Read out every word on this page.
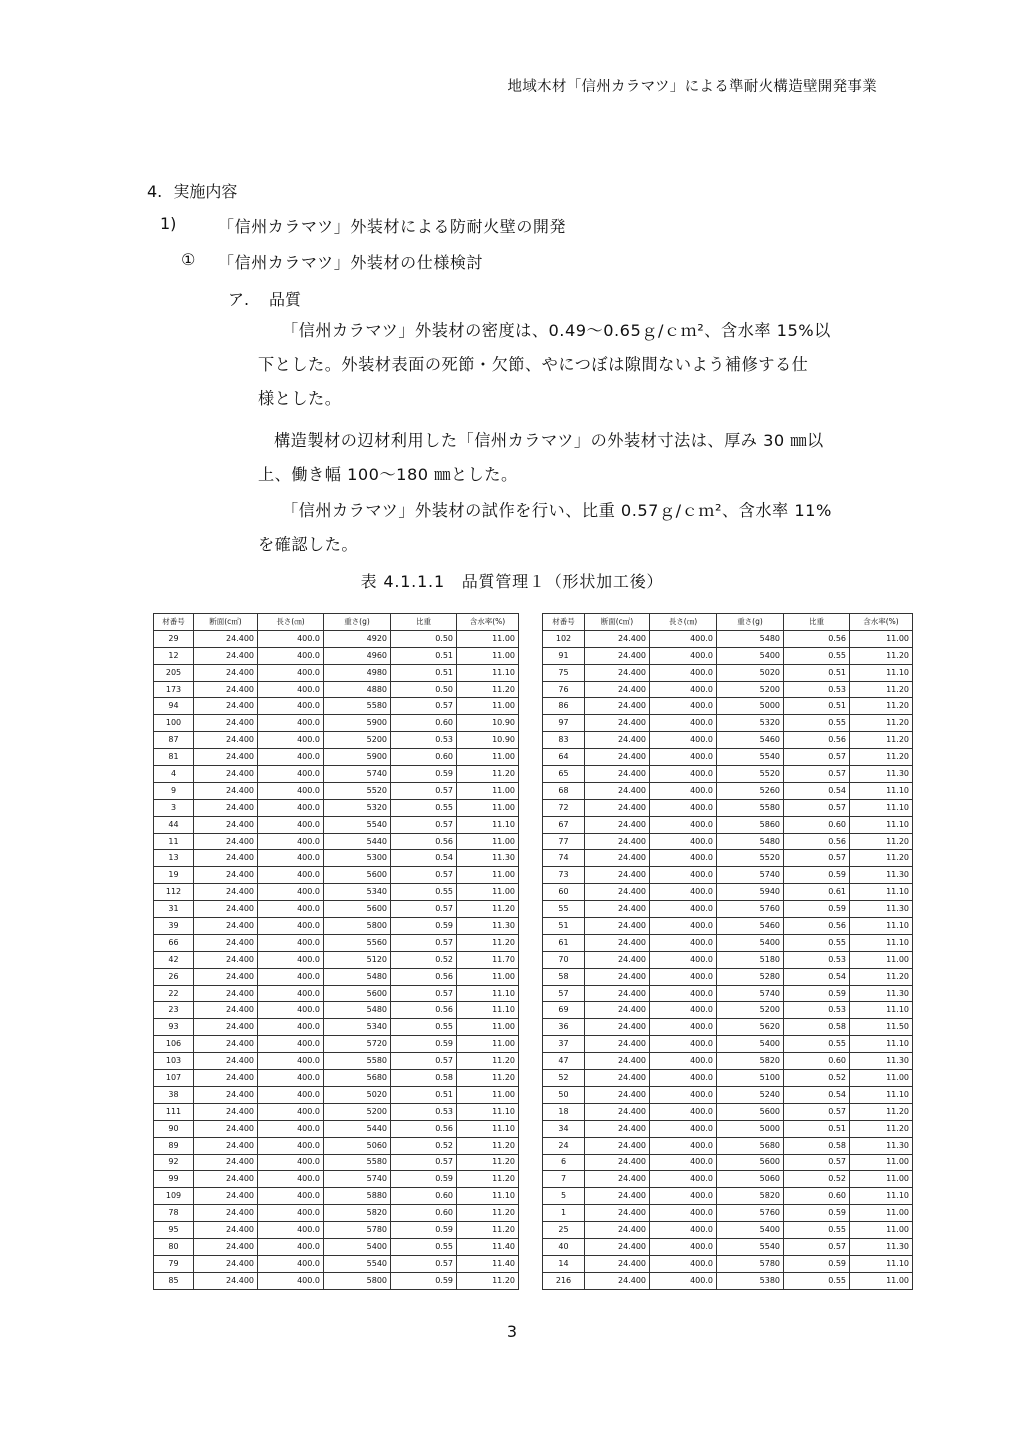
地域木材「信州カラマツ」による準耐火構造壁開発事業
4. 実施内容
1)	「信州カラマツ」外装材による防耐火壁の開発
① 「信州カラマツ」外装材の仕様検討
ア. 品質
「信州カラマツ」外装材の密度は、0.49～0.65ｇ/ｃｍ²、含水率 15%以
下とした。外装材表面の死節・欠節、やにつぼは隙間ないよう補修する仕
様とした。
構造製材の辺材利用した「信州カラマツ」の外装材寸法は、厚み 30 ㎜以
上、働き幅 100～180 ㎜とした。
「信州カラマツ」外装材の試作を行い、比重 0.57ｇ/ｃｍ²、含水率 11%
を確認した。
表 4.1.1.1　品質管理１（形状加工後）
材番号	断面(c㎡)	長さ(㎝)	重さ(g)	比重	含水率(%)
29	24.400	400.0	4920	0.50	11.00
12	24.400	400.0	4960	0.51	11.00
205	24.400	400.0	4980	0.51	11.10
173	24.400	400.0	4880	0.50	11.20
94	24.400	400.0	5580	0.57	11.00
100	24.400	400.0	5900	0.60	10.90
87	24.400	400.0	5200	0.53	10.90
81	24.400	400.0	5900	0.60	11.00
4	24.400	400.0	5740	0.59	11.20
9	24.400	400.0	5520	0.57	11.00
3	24.400	400.0	5320	0.55	11.00
44	24.400	400.0	5540	0.57	11.10
11	24.400	400.0	5440	0.56	11.00
13	24.400	400.0	5300	0.54	11.30
19	24.400	400.0	5600	0.57	11.00
112	24.400	400.0	5340	0.55	11.00
31	24.400	400.0	5600	0.57	11.20
39	24.400	400.0	5800	0.59	11.30
66	24.400	400.0	5560	0.57	11.20
42	24.400	400.0	5120	0.52	11.70
26	24.400	400.0	5480	0.56	11.00
22	24.400	400.0	5600	0.57	11.10
23	24.400	400.0	5480	0.56	11.10
93	24.400	400.0	5340	0.55	11.00
106	24.400	400.0	5720	0.59	11.00
103	24.400	400.0	5580	0.57	11.20
107	24.400	400.0	5680	0.58	11.20
38	24.400	400.0	5020	0.51	11.00
111	24.400	400.0	5200	0.53	11.10
90	24.400	400.0	5440	0.56	11.10
89	24.400	400.0	5060	0.52	11.20
92	24.400	400.0	5580	0.57	11.20
99	24.400	400.0	5740	0.59	11.20
109	24.400	400.0	5880	0.60	11.10
78	24.400	400.0	5820	0.60	11.20
95	24.400	400.0	5780	0.59	11.20
80	24.400	400.0	5400	0.55	11.40
79	24.400	400.0	5540	0.57	11.40
85	24.400	400.0	5800	0.59	11.20
材番号	断面(c㎡)	長さ(㎝)	重さ(g)	比重	含水率(%)
102	24.400	400.0	5480	0.56	11.00
91	24.400	400.0	5400	0.55	11.20
75	24.400	400.0	5020	0.51	11.10
76	24.400	400.0	5200	0.53	11.20
86	24.400	400.0	5000	0.51	11.20
97	24.400	400.0	5320	0.55	11.20
83	24.400	400.0	5460	0.56	11.20
64	24.400	400.0	5540	0.57	11.20
65	24.400	400.0	5520	0.57	11.30
68	24.400	400.0	5260	0.54	11.10
72	24.400	400.0	5580	0.57	11.10
67	24.400	400.0	5860	0.60	11.10
77	24.400	400.0	5480	0.56	11.20
74	24.400	400.0	5520	0.57	11.20
73	24.400	400.0	5740	0.59	11.30
60	24.400	400.0	5940	0.61	11.10
55	24.400	400.0	5760	0.59	11.30
51	24.400	400.0	5460	0.56	11.10
61	24.400	400.0	5400	0.55	11.10
70	24.400	400.0	5180	0.53	11.00
58	24.400	400.0	5280	0.54	11.20
57	24.400	400.0	5740	0.59	11.30
69	24.400	400.0	5200	0.53	11.10
36	24.400	400.0	5620	0.58	11.50
37	24.400	400.0	5400	0.55	11.10
47	24.400	400.0	5820	0.60	11.30
52	24.400	400.0	5100	0.52	11.00
50	24.400	400.0	5240	0.54	11.10
18	24.400	400.0	5600	0.57	11.20
34	24.400	400.0	5000	0.51	11.20
24	24.400	400.0	5680	0.58	11.30
6	24.400	400.0	5600	0.57	11.00
7	24.400	400.0	5060	0.52	11.00
5	24.400	400.0	5820	0.60	11.10
1	24.400	400.0	5760	0.59	11.00
25	24.400	400.0	5400	0.55	11.00
40	24.400	400.0	5540	0.57	11.30
14	24.400	400.0	5780	0.59	11.10
216	24.400	400.0	5380	0.55	11.00
3
